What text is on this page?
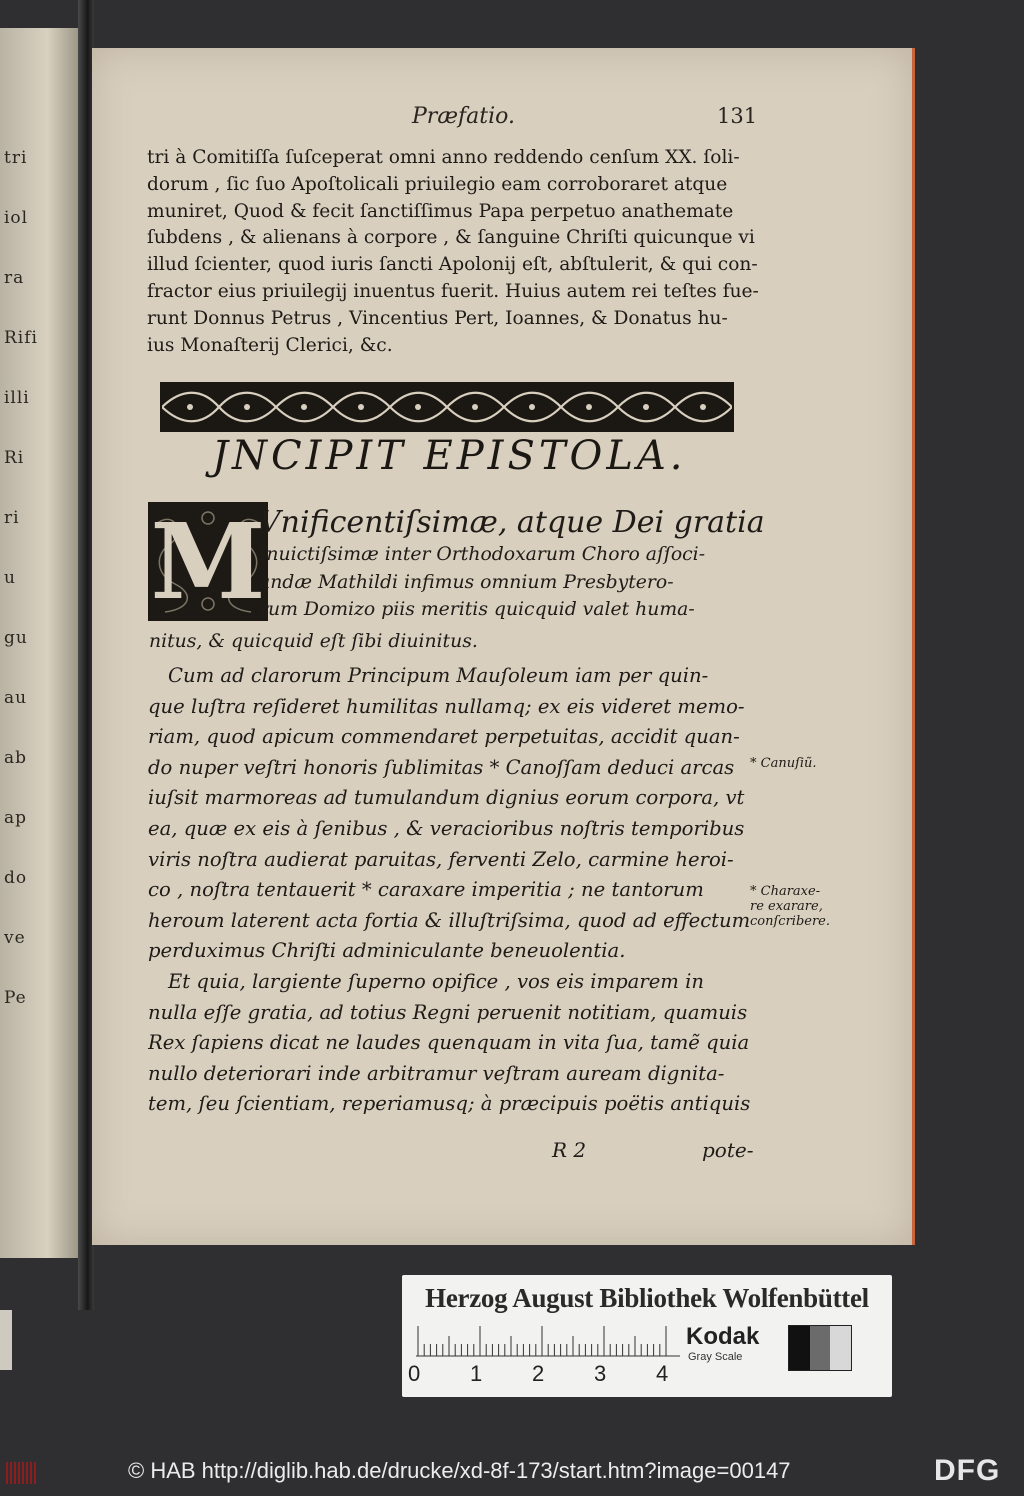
tri
iol
ra
Rifi
illi
Ri
ri
u
gu
au
ab
ap
do
ve
Pe
Præfatio.	131
tri à Comitiſſa ſuſceperat omni anno reddendo cenſum XX. ſoli-
dorum , ſic ſuo Apoſtolicali priuilegio eam corroboraret atque
muniret, Quod & fecit ſanctiſſimus Papa perpetuo anathemate
ſubdens , & alienans à corpore , & ſanguine Chriſti quicunque vi
illud ſcienter, quod iuris ſancti Apolonij eſt, abſtulerit, & qui con-
fractor eius priuilegij inuentus fuerit. Huius autem rei teſtes fue-
runt Donnus Petrus , Vincentius Pert, Ioannes, & Donatus hu-
ius Monaſterij Clerici, &c.
JNCIPIT EPISTOLA.
M
Vnificentiſsimæ, atque Dei gratia
Inuictiſsimæ inter Orthodoxarum Choro aſſoci-
andæ Mathildi infimus omnium Presbytero-
rum Domizo piis meritis quicquid valet huma-
nitus, & quicquid eſt ſibi diuinitus.
Cum ad clarorum Principum Mauſoleum iam per quin-
que luſtra reſideret humilitas nullamq; ex eis videret memo-
riam, quod apicum commendaret perpetuitas, accidit quan-
do nuper veſtri honoris ſublimitas * Canoſſam deduci arcas
iuſsit marmoreas ad tumulandum dignius eorum corpora, vt
ea, quæ ex eis à ſenibus , & veracioribus noſtris temporibus
viris noſtra audierat paruitas, ferventi Zelo, carmine heroi-
co , noſtra tentauerit * caraxare imperitia ; ne tantorum
heroum laterent acta fortia & illuſtriſsima, quod ad effectum
perduximus Chriſti adminiculante beneuolentia.
Et quia, largiente ſuperno opifice , vos eis imparem in
nulla eſſe gratia, ad totius Regni peruenit notitiam, quamuis
Rex ſapiens dicat ne laudes quenquam in vita ſua, tamẽ quia
nullo deteriorari inde arbitramur veſtram auream dignita-
tem, ſeu ſcientiam, reperiamusq; à præcipuis poëtis antiquis
* Canuſiũ.
* Charaxe-
re exarare,
conſcribere.
R 2	pote-
Herzog August Bibliothek Wolfenbüttel
0 1 2 3 4
Kodak
Gray Scale
© HAB http://diglib.hab.de/drucke/xd-8f-173/start.htm?image=00147	DFG
